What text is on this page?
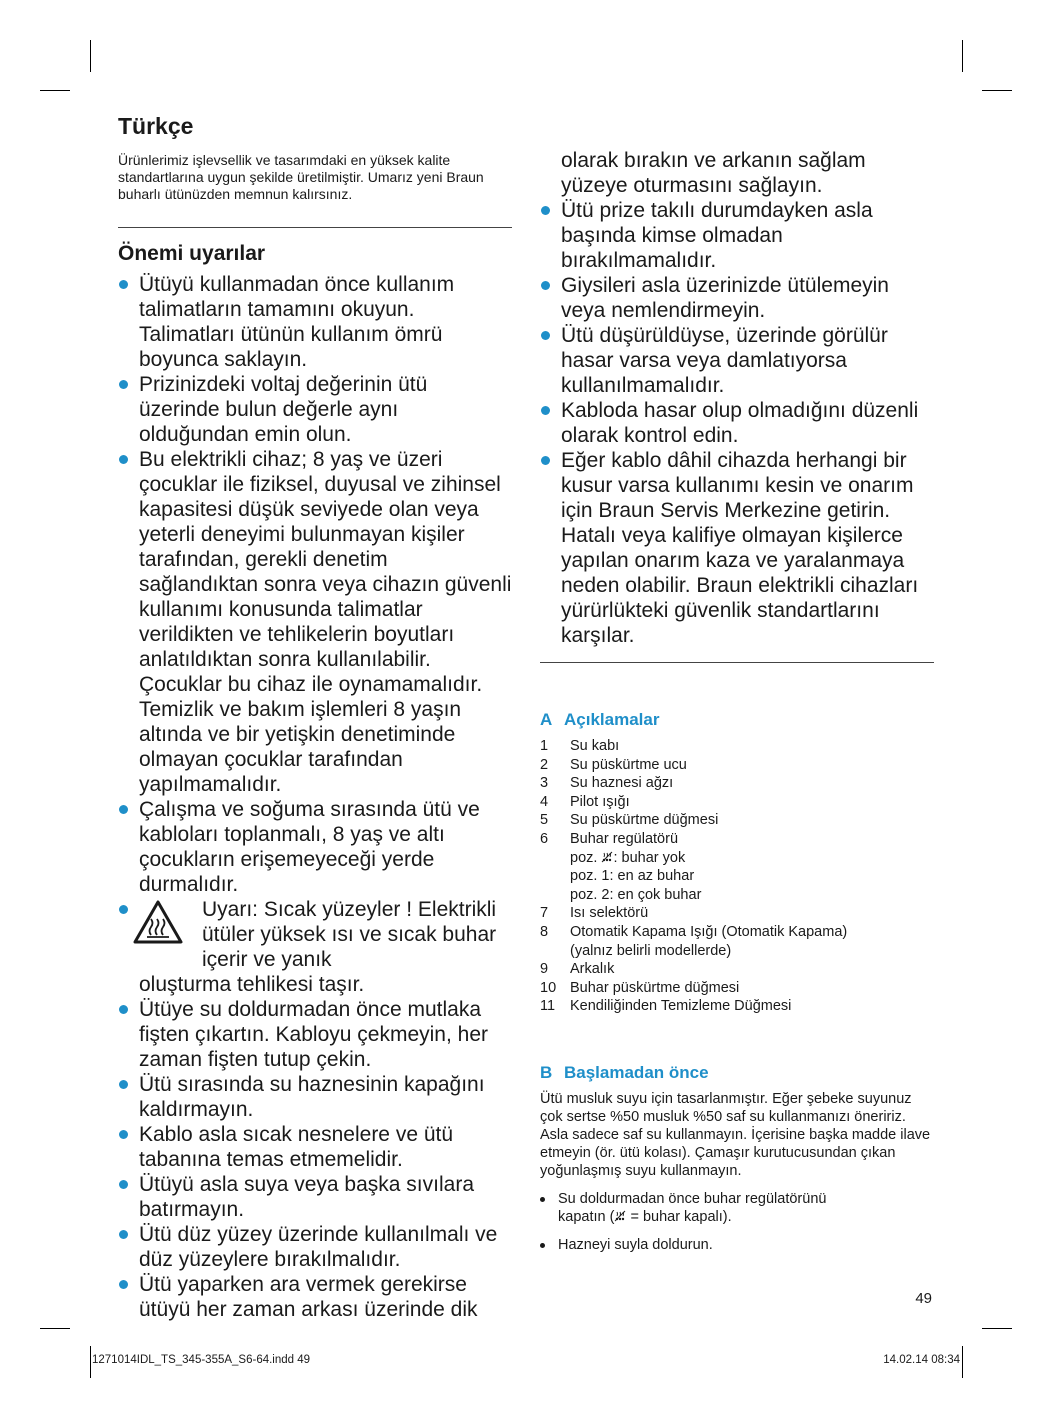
Türkçe

Ürünlerimiz işlevsellik ve tasarımdaki en yüksek kalite standartlarına uygun şekilde üretilmiştir. Umarız yeni Braun buharlı ütünüzden memnun kalırsınız.

Önemi uyarılar
Ütüyü kullanmadan önce kullanım talimatların tamamını okuyun. Talimatları ütünün kullanım ömrü boyunca saklayın.
Prizinizdeki voltaj değerinin ütü üzerinde bulun değerle aynı olduğundan emin olun.
Bu elektrikli cihaz; 8 yaş ve üzeri çocuklar ile fiziksel, duyusal ve zihinsel kapasitesi düşük seviyede olan veya yeterli deneyimi bulunmayan kişiler tarafından, gerekli denetim sağlandıktan sonra veya cihazın güvenli kullanımı konusunda talimatlar verildikten ve tehlikelerin boyutları anlatıldıktan sonra kullanılabilir. Çocuklar bu cihaz ile oynamamalıdır. Temizlik ve bakım işlemleri 8 yaşın altında ve bir yetişkin denetiminde olmayan çocuklar tarafından yapılmamalıdır.
Çalışma ve soğuma sırasında ütü ve kabloları toplanmalı, 8 yaş ve altı çocukların erişemeyeceği yerde durmalıdır.
Uyarı: Sıcak yüzeyler ! Elektrikli ütüler yüksek ısı ve sıcak buhar içerir ve yanık
oluşturma tehlikesi taşır.
Ütüye su doldurmadan önce mutlaka fişten çıkartın. Kabloyu çekmeyin, her zaman fişten tutup çekin.
Ütü sırasında su haznesinin kapağını kaldırmayın.
Kablo asla sıcak nesnelere ve ütü tabanına temas etmemelidir.
Ütüyü asla suya veya başka sıvılara batırmayın.
Ütü düz yüzey üzerinde kullanılmalı ve düz yüzeylere bırakılmalıdır.
Ütü yaparken ara vermek gerekirse ütüyü her zaman arkası üzerinde dik

olarak bırakın ve arkanın sağlam yüzeye oturmasını sağlayın.

Ütü prize takılı durumdayken asla başında kimse olmadan bırakılmamalıdır.
Giysileri asla üzerinizde ütülemeyin veya nemlendirmeyin.
Ütü düşürüldüyse, üzerinde görülür hasar varsa veya damlatıyorsa kullanılmamalıdır.
Kabloda hasar olup olmadığını düzenli olarak kontrol edin.
Eğer kablo dâhil cihazda herhangi bir kusur varsa kullanımı kesin ve onarım için Braun Servis Merkezine getirin. Hatalı veya kalifiye olmayan kişilerce yapılan onarım kaza ve yaralanmaya neden olabilir. Braun elektrikli cihazları yürürlükteki güvenlik standartlarını karşılar.
A Açıklamalar
1	Su kabı
2	Su püskürtme ucu
3	Su haznesi ağzı
4	Pilot ışığı
5	Su püskürtme düğmesi
6	Buhar regülatörü
poz. : buhar yok
poz. 1: en az buhar
poz. 2: en çok buhar
7	Isı selektörü
8	Otomatik Kapama Işığı (Otomatik Kapama)
(yalnız belirli modellerde)
9	Arkalık
10 Buhar püskürtme düğmesi
11	Kendiliğinden Temizleme Düğmesi
B Başlamadan önce

Ütü musluk suyu için tasarlanmıştır. Eğer şebeke suyunuz çok sertse %50 musluk %50 saf su kullanmanızı öneririz. Asla sadece saf su kullanmayın. İçerisine başka madde ilave etmeyin (ör. ütü kolası). Çamaşır kurutucusundan çıkan yoğunlaşmış suyu kullanmayın.

Su doldurmadan önce buhar regülatörünü
kapatın ( = buhar kapalı).
Hazneyi suyla doldurun.
49
1271014IDL_TS_345-355A_S6-64.indd 49	14.02.14 08:34
